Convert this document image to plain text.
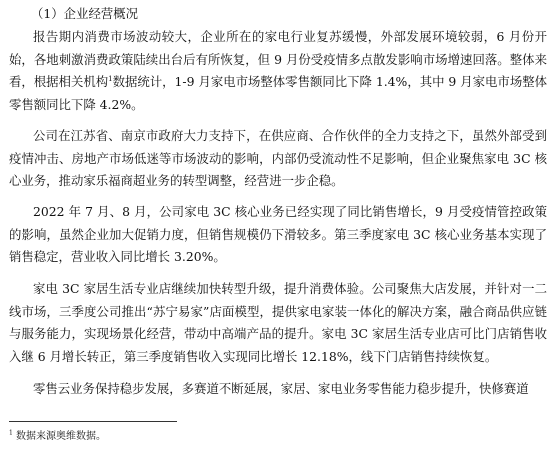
（1）企业经营概况

报告期内消费市场波动较大，企业所在的家电行业复苏缓慢，外部发展环境较弱，6 月份开始，各地刺激消费政策陆续出台后有所恢复，但 9 月份受疫情多点散发影响市场增速回落。整体来看，根据相关机构$^1$数据统计，1-9 月家电市场整体零售额同比下降 1.4%，其中 9 月家电市场整体零售额同比下降 4.2%。

公司在江苏省、南京市政府大力支持下，在供应商、合作伙伴的全力支持之下，虽然外部受到疫情冲击、房地产市场低迷等市场波动的影响，内部仍受流动性不足影响，但企业聚焦家电 3C 核心业务，推动家乐福商超业务的转型调整，经营进一步企稳。

2022 年 7 月、8 月，公司家电 3C 核心业务已经实现了同比销售增长，9 月受疫情管控政策的影响，虽然企业加大促销力度，但销售规模仍下滑较多。第三季度家电 3C 核心业务基本实现了销售稳定，营业收入同比增长 3.20%。

家电 3C 家居生活专业店继续加快转型升级，提升消费体验。公司聚焦大店发展，并针对一二线市场，三季度公司推出“苏宁易家”店面模型，提供家电家装一体化的解决方案，融合商品供应链与服务能力，实现场景化经营，带动中高端产品的提升。家电 3C 家居生活专业店可比门店销售收入继 6 月增长转正，第三季度销售收入实现同比增长 12.18%，线下门店销售持续恢复。

零售云业务保持稳步发展，多赛道不断延展，家居、家电业务零售能力稳步提升，快修赛道

$^1$ 数据来源奥维数据。
